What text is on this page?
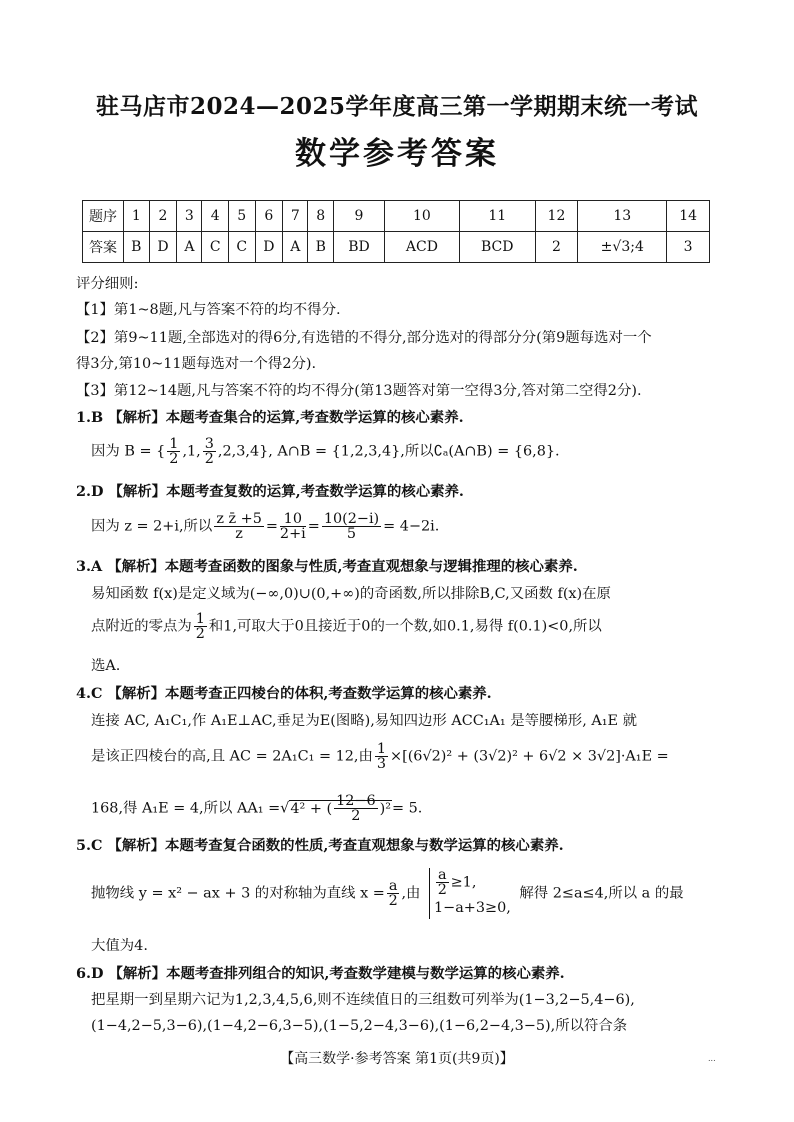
驻马店市2024—2025学年度高三第一学期期末统一考试
数学参考答案
题序	1	2	3	4	5	6	7	8	9	10	11	12	13	14
答案	B	D	A	C	C	D	A	B	BD	ACD	BCD	2	±√3;4	3
评分细则:
【1】第1~8题,凡与答案不符的均不得分.
【2】第9~11题,全部选对的得6分,有选错的不得分,部分选对的得部分分(第9题每选对一个
得3分,第10~11题每选对一个得2分).
【3】第12~14题,凡与答案不符的均不得分(第13题答对第一空得3分,答对第二空得2分).
1.B 【解析】本题考查集合的运算,考查数学运算的核心素养.
因为 B = { $\frac{1}{2} ,1$, $\frac{3}{2} ,2,3,4$}, A∩B = {1,2,3,4},所以∁ₐ(A∩B) = {6,8}.
2.D 【解析】本题考查复数的运算,考查数学运算的核心素养.
因为 z = 2+i,所以 $\frac{\text{z z̄ +5}}{z} = \frac{10}{2+i} = \frac{10(2-i)}{5} = 4-2i$.
3.A 【解析】本题考查函数的图象与性质,考查直观想象与逻辑推理的核心素养.
易知函数 f(x)是定义域为(−∞,0)∪(0,+∞)的奇函数,所以排除B,C,又函数 f(x)在原
点附近的零点为 $\frac{1}{2}$ 和1,可取大于0且接近于0的一个数,如0.1,易得 f(0.1)<0,所以
选A.
4.C 【解析】本题考查正四棱台的体积,考查数学运算的核心素养.
连接 AC, A₁C₁,作 A₁E⊥AC,垂足为E(图略),易知四边形 ACC₁A₁ 是等腰梯形, A₁E 就
是该正四棱台的高,且 AC = 2A₁C₁ = 12,由 $\frac{1}{3} \times[(6√2)^2 + (3√2)^2 + 6√2 \times 3√2]\cdot A_1E$ =
168,得 A₁E = 4,所以 AA₁ =√4² + ( $\frac{12-6}{2} )^2= 5$.
5.C 【解析】本题考查复合函数的性质,考查直观想象与数学运算的核心素养.
抛物线 y = x² − ax + 3 的对称轴为直线 $x = \frac{a}{2}$ ,由 $\frac{a}{2} \ge 1$,
1−a+3≥0,
解得 2≤a≤4,所以 a 的最
大值为4.
6.D 【解析】本题考查排列组合的知识,考查数学建模与数学运算的核心素养.
把星期一到星期六记为1,2,3,4,5,6,则不连续值日的三组数可列举为(1−3,2−5,4−6),
(1−4,2−5,3−6),(1−4,2−6,3−5),(1−5,2−4,3−6),(1−6,2−4,3−5),所以符合条
【高三数学·参考答案 第1页(共9页)】	...
